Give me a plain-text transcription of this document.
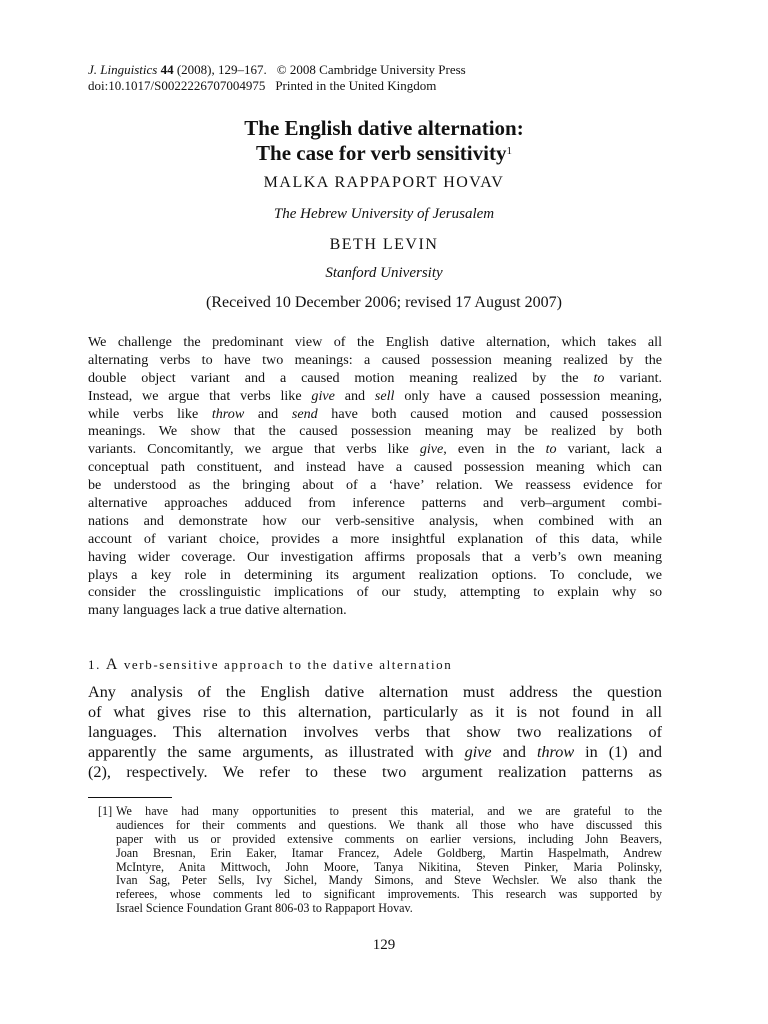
J. Linguistics 44 (2008), 129–167. © 2008 Cambridge University Press
doi:10.1017/S0022226707004975 Printed in the United Kingdom
The English dative alternation:
The case for verb sensitivity$^1$
MALKA RAPPAPORT HOVAV
The Hebrew University of Jerusalem
BETH LEVIN
Stanford University
(Received 10 December 2006; revised 17 August 2007)
We challenge the predominant view of the English dative alternation, which takes all
alternating verbs to have two meanings: a caused possession meaning realized by the
double object variant and a caused motion meaning realized by the to variant.
Instead, we argue that verbs like give and sell only have a caused possession meaning,
while verbs like throw and send have both caused motion and caused possession
meanings. We show that the caused possession meaning may be realized by both
variants. Concomitantly, we argue that verbs like give, even in the to variant, lack a
conceptual path constituent, and instead have a caused possession meaning which can
be understood as the bringing about of a ‘have’ relation. We reassess evidence for
alternative approaches adduced from inference patterns and verb–argument combi-
nations and demonstrate how our verb-sensitive analysis, when combined with an
account of variant choice, provides a more insightful explanation of this data, while
having wider coverage. Our investigation affirms proposals that a verb’s own meaning
plays a key role in determining its argument realization options. To conclude, we
consider the crosslinguistic implications of our study, attempting to explain why so
many languages lack a true dative alternation.
1. A verb-sensitive approach to the dative alternation
Any analysis of the English dative alternation must address the question
of what gives rise to this alternation, particularly as it is not found in all
languages. This alternation involves verbs that show two realizations of
apparently the same arguments, as illustrated with give and throw in (1) and
(2), respectively. We refer to these two argument realization patterns as
[1] We have had many opportunities to present this material, and we are grateful to the
audiences for their comments and questions. We thank all those who have discussed this
paper with us or provided extensive comments on earlier versions, including John Beavers,
Joan Bresnan, Erin Eaker, Itamar Francez, Adele Goldberg, Martin Haspelmath, Andrew
McIntyre, Anita Mittwoch, John Moore, Tanya Nikitina, Steven Pinker, Maria Polinsky,
Ivan Sag, Peter Sells, Ivy Sichel, Mandy Simons, and Steve Wechsler. We also thank the
referees, whose comments led to significant improvements. This research was supported by
Israel Science Foundation Grant 806-03 to Rappaport Hovav.
129
